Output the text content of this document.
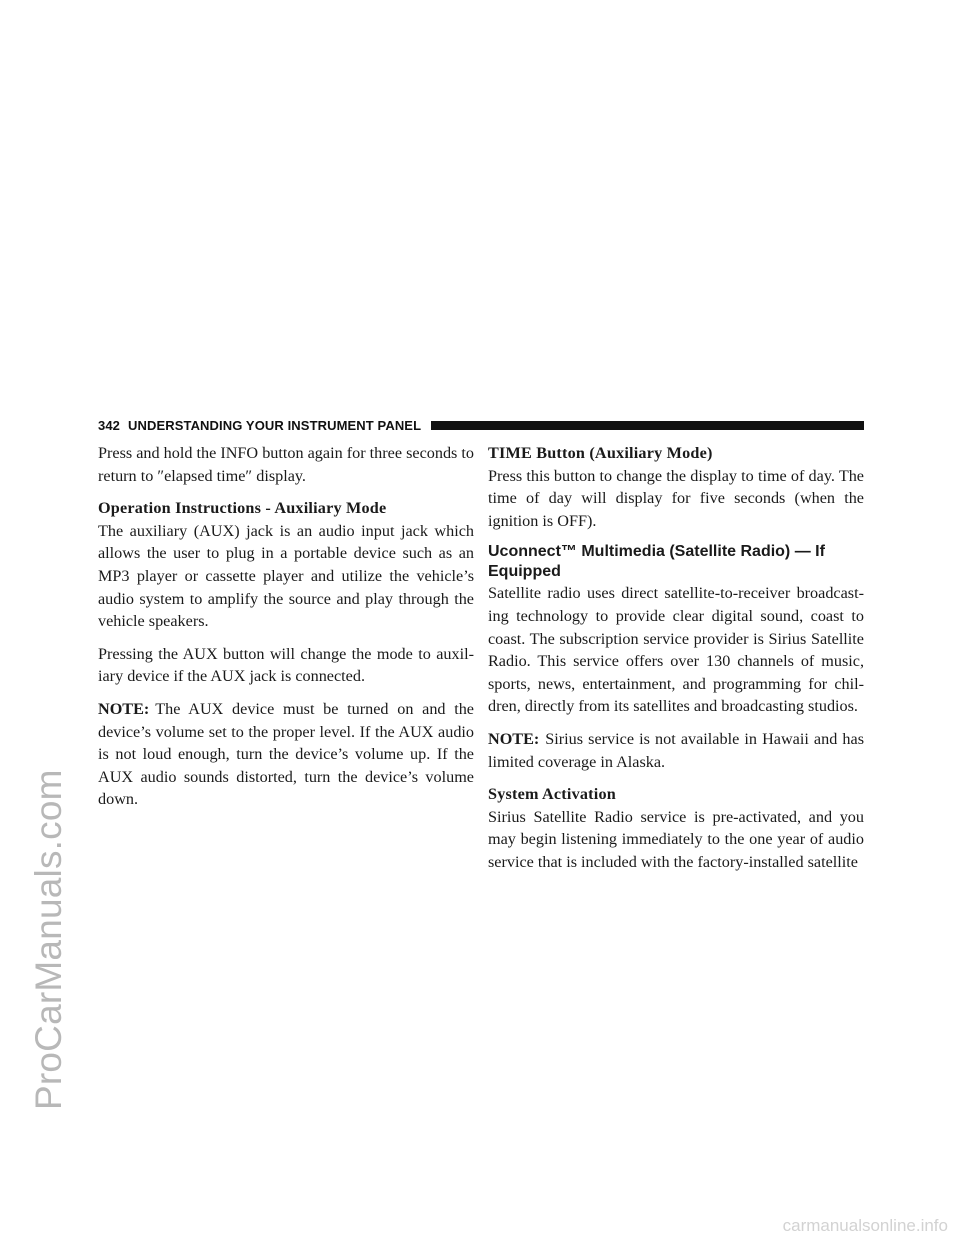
ProCarManuals.com
342 UNDERSTANDING YOUR INSTRUMENT PANEL

Press and hold the INFO button again for three seconds to return to ″elapsed time″ display.

Operation Instructions - Auxiliary Mode

The auxiliary (AUX) jack is an audio input jack which allows the user to plug in a portable device such as an MP3 player or cassette player and utilize the vehicle’s audio system to amplify the source and play through the vehicle speakers.

Pressing the AUX button will change the mode to auxil-iary device if the AUX jack is connected.

NOTE: The AUX device must be turned on and the device’s volume set to the proper level. If the AUX audio is not loud enough, turn the device’s volume up. If the AUX audio sounds distorted, turn the device’s volume down.

TIME Button (Auxiliary Mode)

Press this button to change the display to time of day. The time of day will display for five seconds (when the ignition is OFF).

Uconnect™ Multimedia (Satellite Radio) — If Equipped

Satellite radio uses direct satellite-to-receiver broadcast-ing technology to provide clear digital sound, coast to coast. The subscription service provider is Sirius Satellite Radio. This service offers over 130 channels of music, sports, news, entertainment, and programming for chil-dren, directly from its satellites and broadcasting studios.

NOTE: Sirius service is not available in Hawaii and has limited coverage in Alaska.

System Activation

Sirius Satellite Radio service is pre-activated, and you may begin listening immediately to the one year of audio service that is included with the factory-installed satellite

carmanualsonline.info
